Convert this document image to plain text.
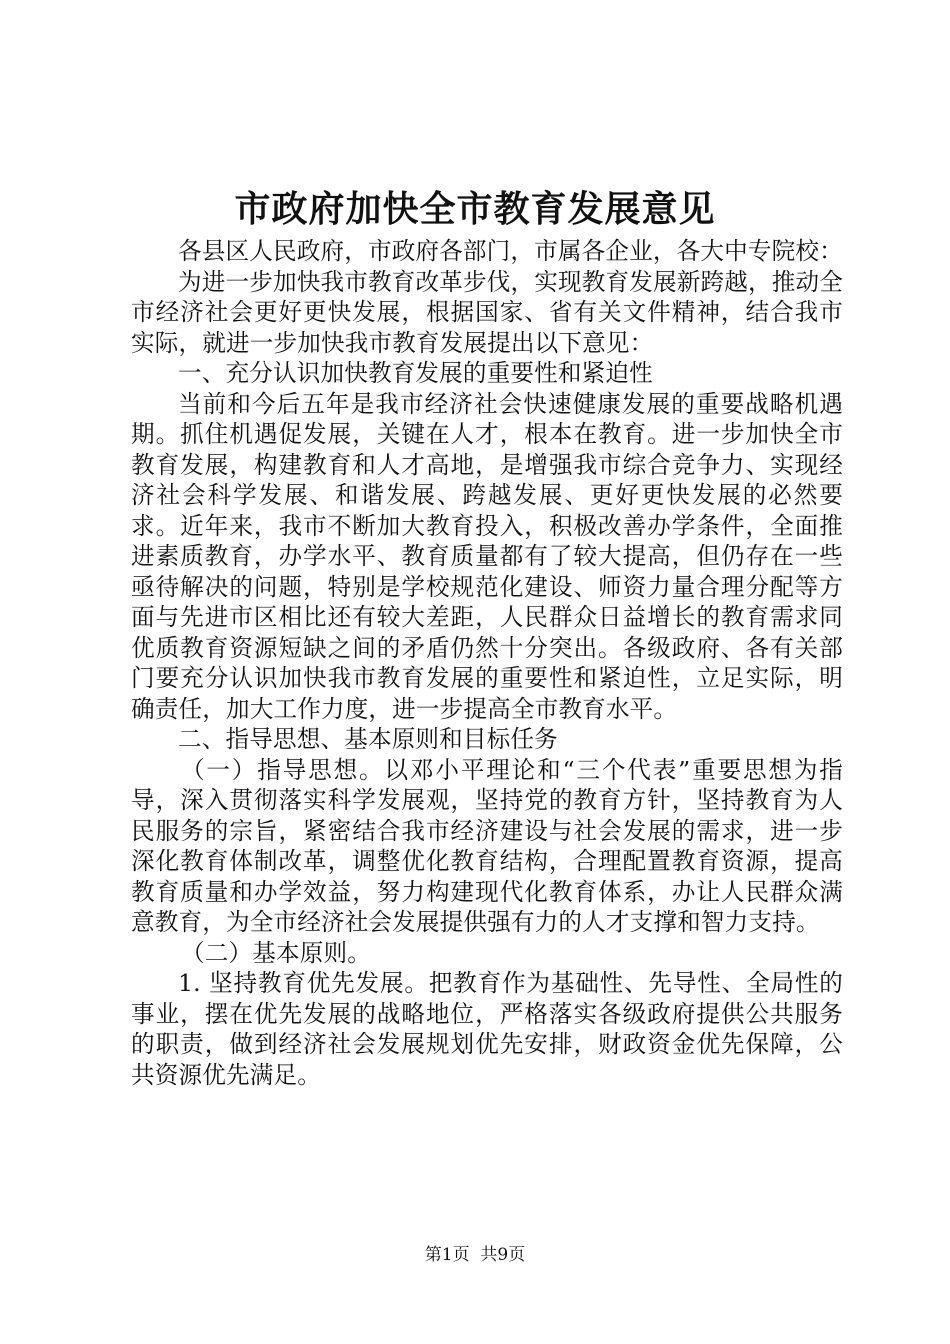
市政府加快全市教育发展意见

各县区人民政府，市政府各部门，市属各企业，各大中专院校：

为进一步加快我市教育改革步伐，实现教育发展新跨越，推动全市经济社会更好更快发展，根据国家、省有关文件精神，结合我市实际，就进一步加快我市教育发展提出以下意见：

一、充分认识加快教育发展的重要性和紧迫性

当前和今后五年是我市经济社会快速健康发展的重要战略机遇期。抓住机遇促发展，关键在人才，根本在教育。进一步加快全市教育发展，构建教育和人才高地，是增强我市综合竞争力、实现经济社会科学发展、和谐发展、跨越发展、更好更快发展的必然要求。近年来，我市不断加大教育投入，积极改善办学条件，全面推进素质教育，办学水平、教育质量都有了较大提高，但仍存在一些亟待解决的问题，特别是学校规范化建设、师资力量合理分配等方面与先进市区相比还有较大差距，人民群众日益增长的教育需求同优质教育资源短缺之间的矛盾仍然十分突出。各级政府、各有关部门要充分认识加快我市教育发展的重要性和紧迫性，立足实际，明确责任，加大工作力度，进一步提高全市教育水平。

二、指导思想、基本原则和目标任务

（一）指导思想。以邓小平理论和“三个代表”重要思想为指导，深入贯彻落实科学发展观，坚持党的教育方针，坚持教育为人民服务的宗旨，紧密结合我市经济建设与社会发展的需求，进一步深化教育体制改革，调整优化教育结构，合理配置教育资源，提高教育质量和办学效益，努力构建现代化教育体系，办让人民群众满意教育，为全市经济社会发展提供强有力的人才支撑和智力支持。

（二）基本原则。

1. 坚持教育优先发展。把教育作为基础性、先导性、全局性的事业，摆在优先发展的战略地位，严格落实各级政府提供公共服务的职责，做到经济社会发展规划优先安排，财政资金优先保障，公共资源优先满足。

第1页  共9页
